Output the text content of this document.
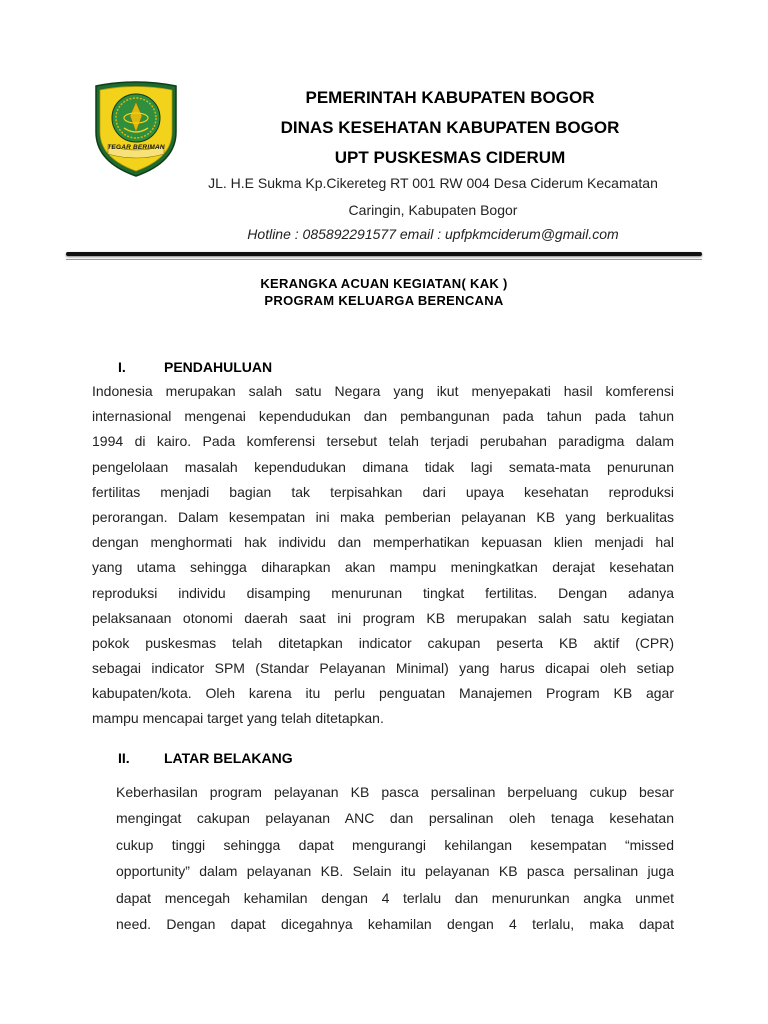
TEGAR BERIMAN
PEMERINTAH KABUPATEN BOGOR
DINAS KESEHATAN KABUPATEN BOGOR
UPT PUSKESMAS CIDERUM
JL. H.E Sukma Kp.Cikereteg RT 001 RW 004 Desa Ciderum Kecamatan
Caringin, Kabupaten Bogor
Hotline : 085892291577 email : upfpkmciderum@gmail.com
KERANGKA ACUAN KEGIATAN( KAK )
PROGRAM KELUARGA BERENCANA
I.	PENDAHULUAN
Indonesia merupakan salah satu Negara yang ikut menyepakati hasil komferensi
internasional mengenai kependudukan dan pembangunan pada tahun pada tahun
1994 di kairo. Pada komferensi tersebut telah terjadi perubahan paradigma dalam
pengelolaan masalah kependudukan dimana tidak lagi semata-mata penurunan
fertilitas menjadi bagian tak terpisahkan dari upaya kesehatan reproduksi
perorangan. Dalam kesempatan ini maka pemberian pelayanan KB yang berkualitas
dengan menghormati hak individu dan memperhatikan kepuasan klien menjadi hal
yang utama sehingga diharapkan akan mampu meningkatkan derajat kesehatan
reproduksi individu disamping menurunan tingkat fertilitas. Dengan adanya
pelaksanaan otonomi daerah saat ini program KB merupakan salah satu kegiatan
pokok puskesmas telah ditetapkan indicator cakupan peserta KB aktif (CPR)
sebagai indicator SPM (Standar Pelayanan Minimal) yang harus dicapai oleh setiap
kabupaten/kota. Oleh karena itu perlu penguatan Manajemen Program KB agar
mampu mencapai target yang telah ditetapkan.
II. LATAR BELAKANG
Keberhasilan program pelayanan KB pasca persalinan berpeluang cukup besar
mengingat cakupan pelayanan ANC dan persalinan oleh tenaga kesehatan
cukup tinggi sehingga dapat mengurangi kehilangan kesempatan “missed
opportunity” dalam pelayanan KB. Selain itu pelayanan KB pasca persalinan juga
dapat mencegah kehamilan dengan 4 terlalu dan menurunkan angka unmet
need. Dengan dapat dicegahnya kehamilan dengan 4 terlalu, maka dapat
